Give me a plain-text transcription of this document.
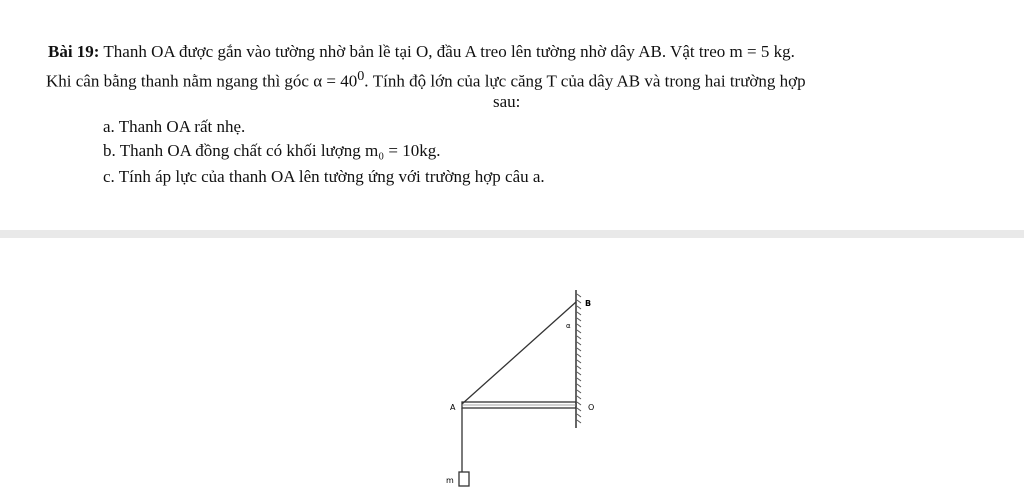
Bài 19: Thanh OA được gắn vào tường nhờ bản lề tại O, đầu A treo lên tường nhờ dây AB. Vật treo m = 5 kg.
Khi cân bằng thanh nằm ngang thì góc $\alpha = 40^0$. Tính độ lớn của lực căng T của dây AB và trong hai trường hợp
sau:
a. Thanh OA rất nhẹ.
b. Thanh OA đồng chất có khối lượng m₀ = 10kg.
c. Tính áp lực của thanh OA lên tường ứng với trường hợp câu a.
B
α
A	O
m
